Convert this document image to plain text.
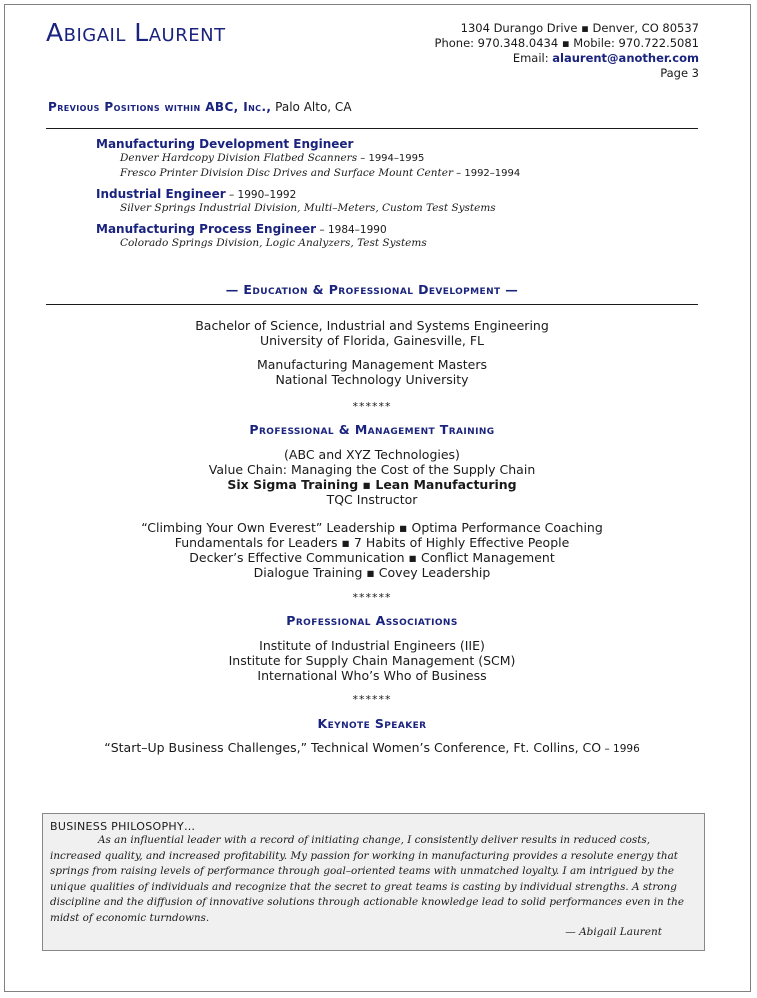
Abigail Laurent	1304 Durango Drive ▪ Denver, CO 80537
Phone: 970.348.0434 ▪ Mobile: 970.722.5081
Email: alaurent@another.com
Page 3
Previous Positions within ABC, Inc., Palo Alto, CA
Manufacturing Development Engineer
Denver Hardcopy Division Flatbed Scanners – 1994–1995
Fresco Printer Division Disc Drives and Surface Mount Center – 1992–1994
Industrial Engineer – 1990–1992
Silver Springs Industrial Division, Multi–Meters, Custom Test Systems
Manufacturing Process Engineer – 1984–1990
Colorado Springs Division, Logic Analyzers, Test Systems
— Education & Professional Development —
Bachelor of Science, Industrial and Systems Engineering
University of Florida, Gainesville, FL
Manufacturing Management Masters
National Technology University
******
Professional & Management Training
(ABC and XYZ Technologies)
Value Chain: Managing the Cost of the Supply Chain
Six Sigma Training ▪ Lean Manufacturing
TQC Instructor
“Climbing Your Own Everest” Leadership ▪ Optima Performance Coaching
Fundamentals for Leaders ▪ 7 Habits of Highly Effective People
Decker’s Effective Communication ▪ Conflict Management
Dialogue Training ▪ Covey Leadership
******
Professional Associations
Institute of Industrial Engineers (IIE)
Institute for Supply Chain Management (SCM)
International Who’s Who of Business
******
Keynote Speaker
“Start–Up Business Challenges,” Technical Women’s Conference, Ft. Collins, CO – 1996
BUSINESS PHILOSOPHY…
As an influential leader with a record of initiating change, I consistently deliver results in reduced costs, increased quality, and increased profitability. My passion for working in manufacturing provides a resolute energy that springs from raising levels of performance through goal–oriented teams with unmatched loyalty. I am intrigued by the unique qualities of individuals and recognize that the secret to great teams is casting by individual strengths. A strong discipline and the diffusion of innovative solutions through actionable knowledge lead to solid performances even in the midst of economic turndowns.
— Abigail Laurent
